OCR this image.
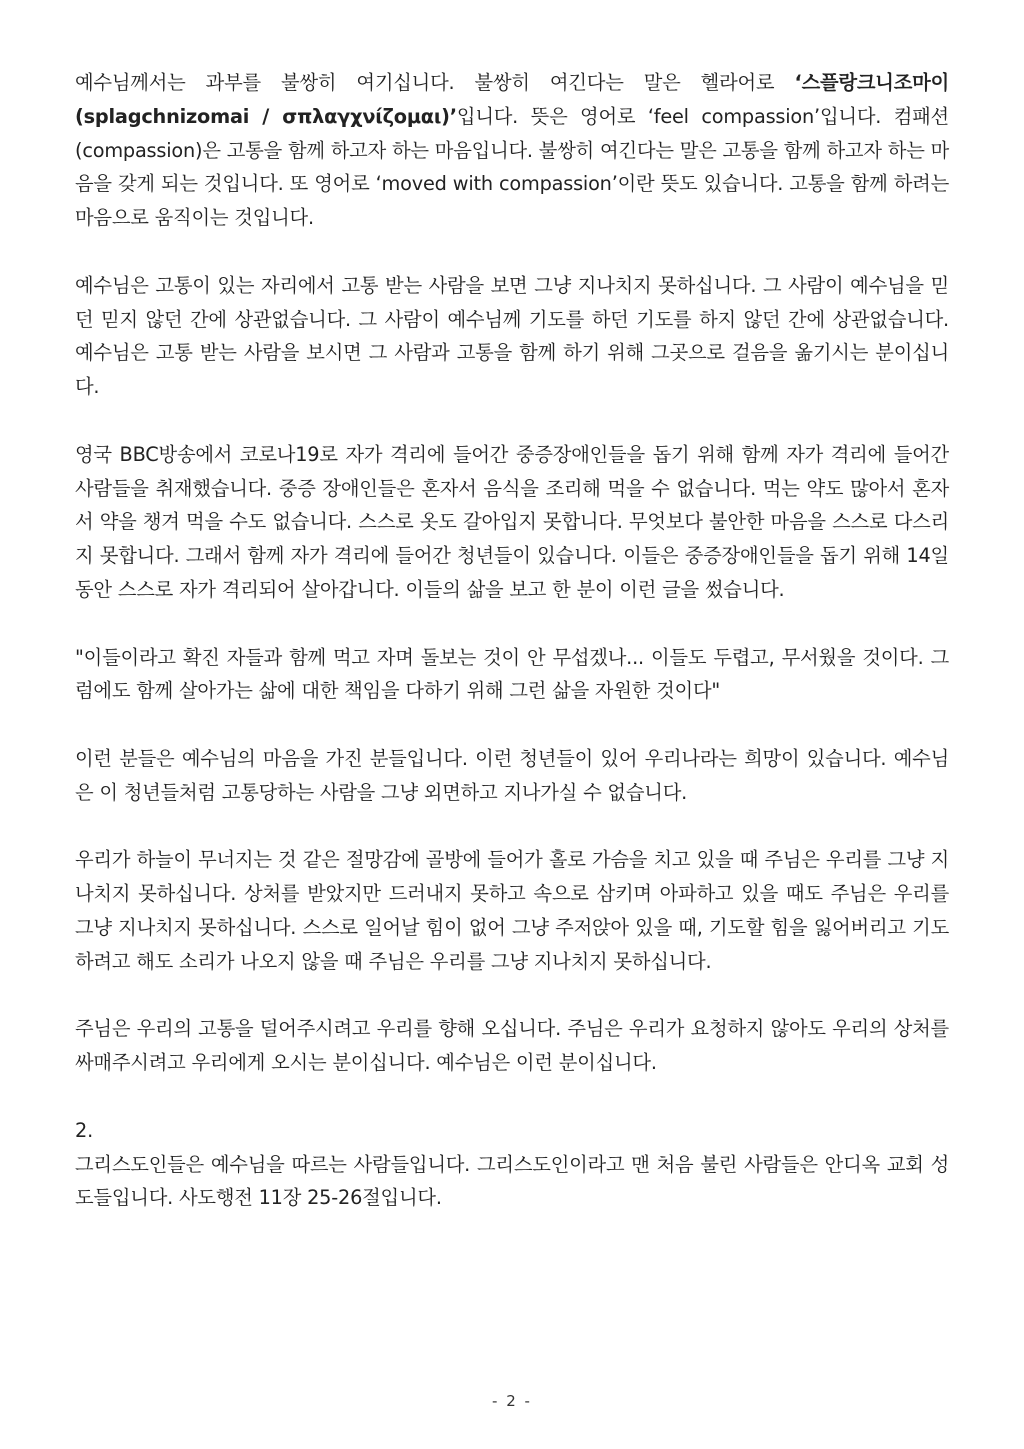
예수님께서는 과부를 불쌍히 여기십니다. 불쌍히 여긴다는 말은 헬라어로 ‘스플랑크니조마이(splagchnizomai / σπλαγχνίζομαι)’입니다. 뜻은 영어로 ‘feel compassion’입니다. 컴패션(compassion)은 고통을 함께 하고자 하는 마음입니다. 불쌍히 여긴다는 말은 고통을 함께 하고자 하는 마음을 갖게 되는 것입니다. 또 영어로 ‘moved with compassion’이란 뜻도 있습니다. 고통을 함께 하려는 마음으로 움직이는 것입니다.

예수님은 고통이 있는 자리에서 고통 받는 사람을 보면 그냥 지나치지 못하십니다. 그 사람이 예수님을 믿던 믿지 않던 간에 상관없습니다. 그 사람이 예수님께 기도를 하던 기도를 하지 않던 간에 상관없습니다. 예수님은 고통 받는 사람을 보시면 그 사람과 고통을 함께 하기 위해 그곳으로 걸음을 옮기시는 분이십니다.

영국 BBC방송에서 코로나19로 자가 격리에 들어간 중증장애인들을 돕기 위해 함께 자가 격리에 들어간 사람들을 취재했습니다. 중증 장애인들은 혼자서 음식을 조리해 먹을 수 없습니다. 먹는 약도 많아서 혼자서 약을 챙겨 먹을 수도 없습니다. 스스로 옷도 갈아입지 못합니다. 무엇보다 불안한 마음을 스스로 다스리지 못합니다. 그래서 함께 자가 격리에 들어간 청년들이 있습니다. 이들은 중증장애인들을 돕기 위해 14일 동안 스스로 자가 격리되어 살아갑니다. 이들의 삶을 보고 한 분이 이런 글을 썼습니다.

"이들이라고 확진 자들과 함께 먹고 자며 돌보는 것이 안 무섭겠나... 이들도 두렵고, 무서웠을 것이다. 그럼에도 함께 살아가는 삶에 대한 책임을 다하기 위해 그런 삶을 자원한 것이다"

이런 분들은 예수님의 마음을 가진 분들입니다. 이런 청년들이 있어 우리나라는 희망이 있습니다. 예수님은 이 청년들처럼 고통당하는 사람을 그냥 외면하고 지나가실 수 없습니다.

우리가 하늘이 무너지는 것 같은 절망감에 골방에 들어가 홀로 가슴을 치고 있을 때 주님은 우리를 그냥 지나치지 못하십니다. 상처를 받았지만 드러내지 못하고 속으로 삼키며 아파하고 있을 때도 주님은 우리를 그냥 지나치지 못하십니다. 스스로 일어날 힘이 없어 그냥 주저앉아 있을 때, 기도할 힘을 잃어버리고 기도하려고 해도 소리가 나오지 않을 때 주님은 우리를 그냥 지나치지 못하십니다.

주님은 우리의 고통을 덜어주시려고 우리를 향해 오십니다. 주님은 우리가 요청하지 않아도 우리의 상처를 싸매주시려고 우리에게 오시는 분이십니다. 예수님은 이런 분이십니다.

2.

그리스도인들은 예수님을 따르는 사람들입니다. 그리스도인이라고 맨 처음 불린 사람들은 안디옥 교회 성도들입니다. 사도행전 11장 25-26절입니다.

- 2 -
